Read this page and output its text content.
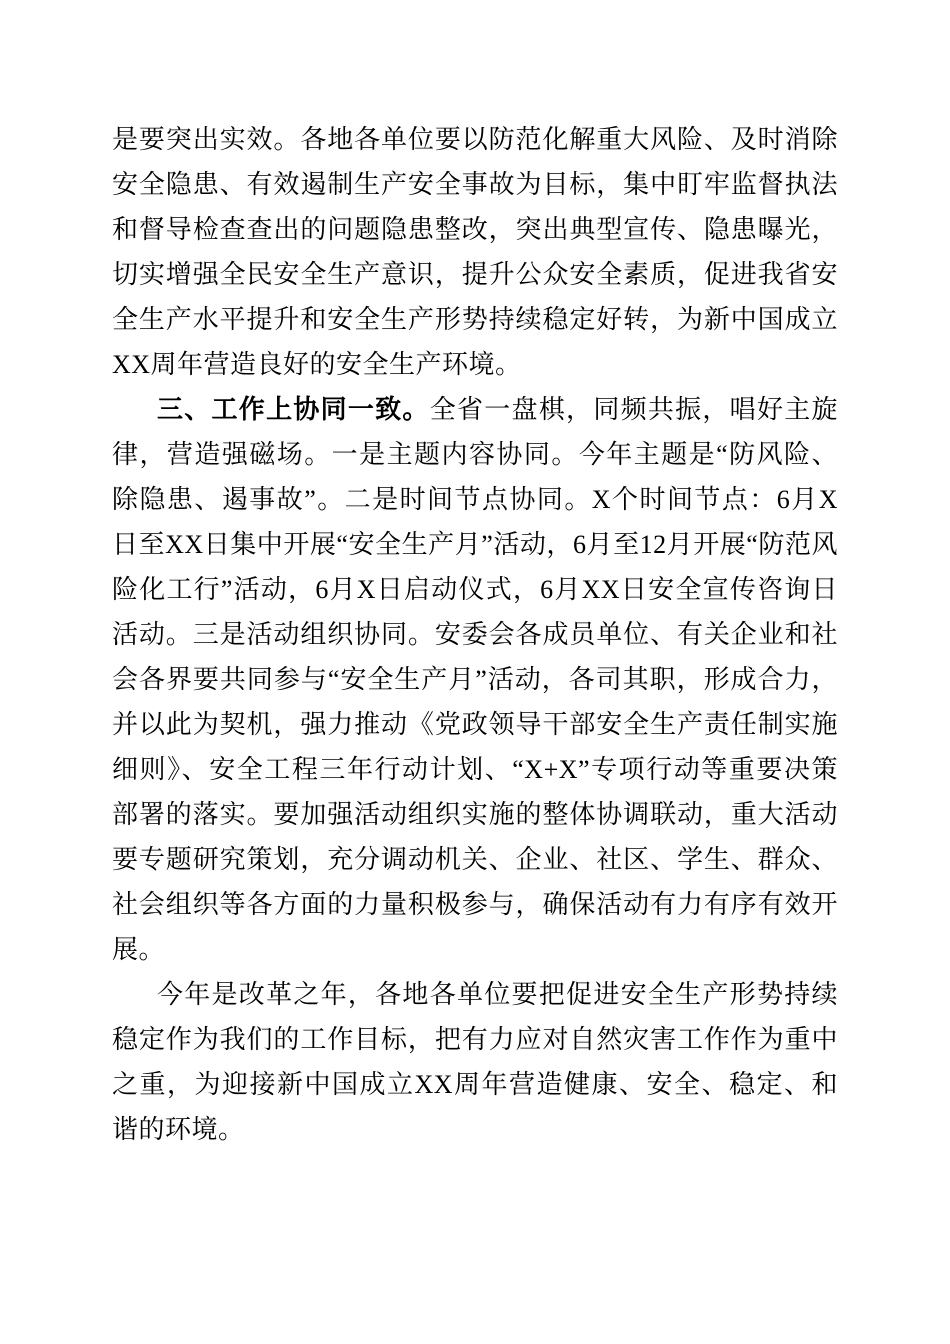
是要突出实效。各地各单位要以防范化解重大风险、及时消除安全隐患、有效遏制生产安全事故为目标，集中盯牢监督执法和督导检查查出的问题隐患整改，突出典型宣传、隐患曝光，切实增强全民安全生产意识，提升公众安全素质，促进我省安全生产水平提升和安全生产形势持续稳定好转，为新中国成立XX周年营造良好的安全生产环境。

三、工作上协同一致。全省一盘棋，同频共振，唱好主旋律，营造强磁场。一是主题内容协同。今年主题是“防风险、除隐患、遏事故”。二是时间节点协同。X个时间节点：6月X日至XX日集中开展“安全生产月”活动，6月至12月开展“防范风险化工行”活动，6月X日启动仪式，6月XX日安全宣传咨询日活动。三是活动组织协同。安委会各成员单位、有关企业和社会各界要共同参与“安全生产月”活动，各司其职，形成合力，并以此为契机，强力推动《党政领导干部安全生产责任制实施细则》、安全工程三年行动计划、“X+X”专项行动等重要决策部署的落实。要加强活动组织实施的整体协调联动，重大活动要专题研究策划，充分调动机关、企业、社区、学生、群众、社会组织等各方面的力量积极参与，确保活动有力有序有效开展。

今年是改革之年，各地各单位要把促进安全生产形势持续稳定作为我们的工作目标，把有力应对自然灾害工作作为重中之重，为迎接新中国成立XX周年营造健康、安全、稳定、和谐的环境。
